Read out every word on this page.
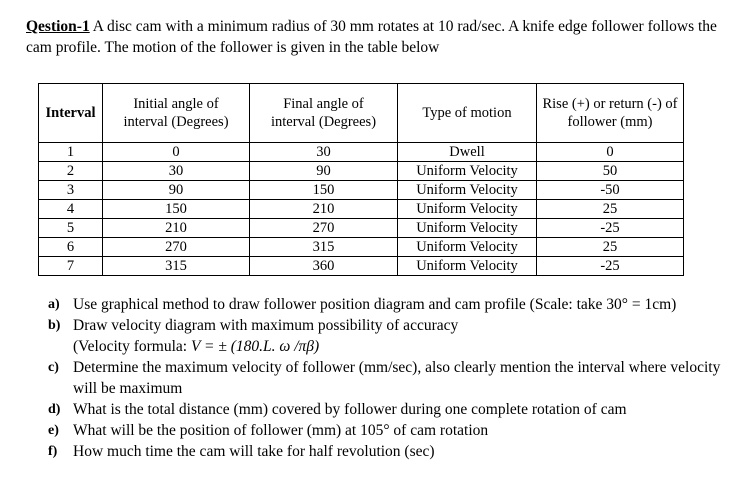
Qestion-1 A disc cam with a minimum radius of 30 mm rotates at 10 rad/sec. A knife edge follower follows the cam profile. The motion of the follower is given in the table below
Interval	Initial angle of interval (Degrees)	Final angle of interval (Degrees)	Type of motion	Rise (+) or return (-) of follower (mm)

1	0	30	Dwell	0
2	30	90	Uniform Velocity	50
3	90	150	Uniform Velocity	-50
4	150	210	Uniform Velocity	25
5	210	270	Uniform Velocity	-25
6	270	315	Uniform Velocity	25
7	315	360	Uniform Velocity	-25
a) Use graphical method to draw follower position diagram and cam profile (Scale: take 30° = 1cm)
b) Draw velocity diagram with maximum possibility of accuracy
(Velocity formula: V = ± (180.L. ω /πβ)
c) Determine the maximum velocity of follower (mm/sec), also clearly mention the interval where velocity will be maximum
d) What is the total distance (mm) covered by follower during one complete rotation of cam
e) What will be the position of follower (mm) at 105° of cam rotation
f) How much time the cam will take for half revolution (sec)
